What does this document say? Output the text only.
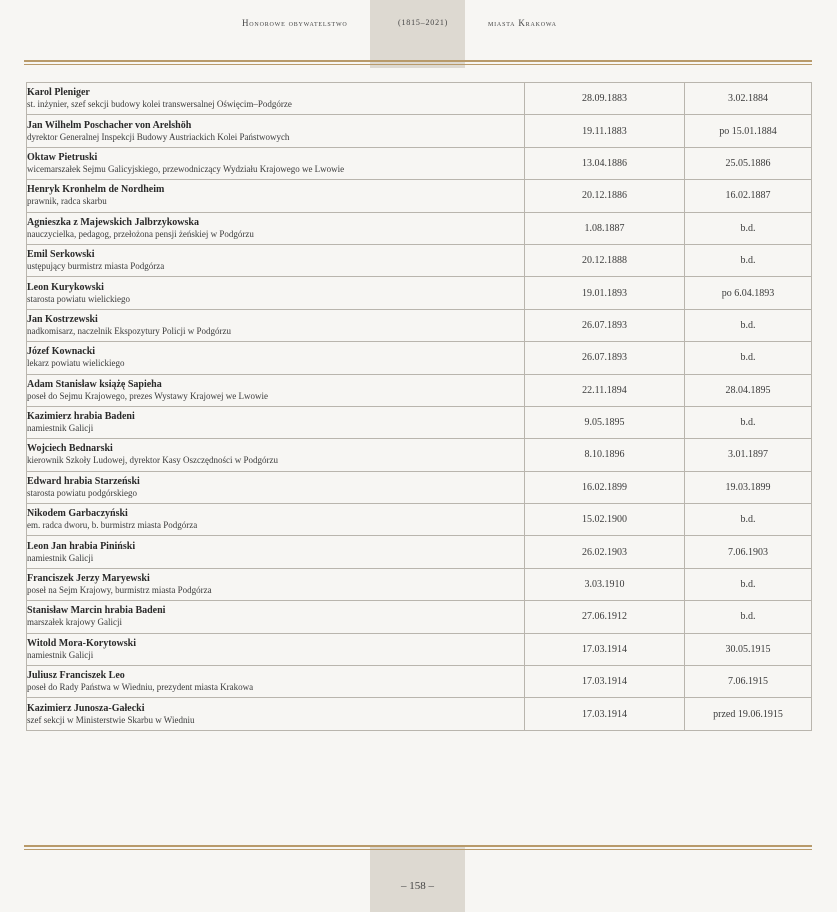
Honorowe obywatelstwo	(1815–2021)	miasta Krakowa
Karol Pleniger
st. inżynier, szef sekcji budowy kolei transwersalnej Oświęcim–Podgórze	28.09.1883	3.02.1884

Jan Wilhelm Poschacher von Arelshöh
dyrektor Generalnej Inspekcji Budowy Austriackich Kolei Państwowych	19.11.1883	po 15.01.1884

Oktaw Pietruski
wicemarszałek Sejmu Galicyjskiego, przewodniczący Wydziału Krajowego we Lwowie	13.04.1886	25.05.1886

Henryk Kronhelm de Nordheim
prawnik, radca skarbu	20.12.1886	16.02.1887

Agnieszka z Majewskich Jalbrzykowska
nauczycielka, pedagog, przełożona pensji żeńskiej w Podgórzu	1.08.1887	b.d.

Emil Serkowski
ustępujący burmistrz miasta Podgórza	20.12.1888	b.d.

Leon Kurykowski
starosta powiatu wielickiego	19.01.1893	po 6.04.1893

Jan Kostrzewski
nadkomisarz, naczelnik Ekspozytury Policji w Podgórzu	26.07.1893	b.d.

Józef Kownacki
lekarz powiatu wielickiego	26.07.1893	b.d.

Adam Stanisław książę Sapieha
poseł do Sejmu Krajowego, prezes Wystawy Krajowej we Lwowie	22.11.1894	28.04.1895

Kazimierz hrabia Badeni
namiestnik Galicji	9.05.1895	b.d.

Wojciech Bednarski
kierownik Szkoły Ludowej, dyrektor Kasy Oszczędności w Podgórzu	8.10.1896	3.01.1897

Edward hrabia Starzeński
starosta powiatu podgórskiego	16.02.1899	19.03.1899

Nikodem Garbaczyński
em. radca dworu, b. burmistrz miasta Podgórza	15.02.1900	b.d.

Leon Jan hrabia Piniński
namiestnik Galicji	26.02.1903	7.06.1903

Franciszek Jerzy Maryewski
poseł na Sejm Krajowy, burmistrz miasta Podgórza	3.03.1910	b.d.

Stanisław Marcin hrabia Badeni
marszałek krajowy Galicji	27.06.1912	b.d.

Witold Mora-Korytowski
namiestnik Galicji	17.03.1914	30.05.1915

Juliusz Franciszek Leo
poseł do Rady Państwa w Wiedniu, prezydent miasta Krakowa	17.03.1914	7.06.1915

Kazimierz Junosza-Gałecki
szef sekcji w Ministerstwie Skarbu w Wiedniu	17.03.1914	przed 19.06.1915
– 158 –
